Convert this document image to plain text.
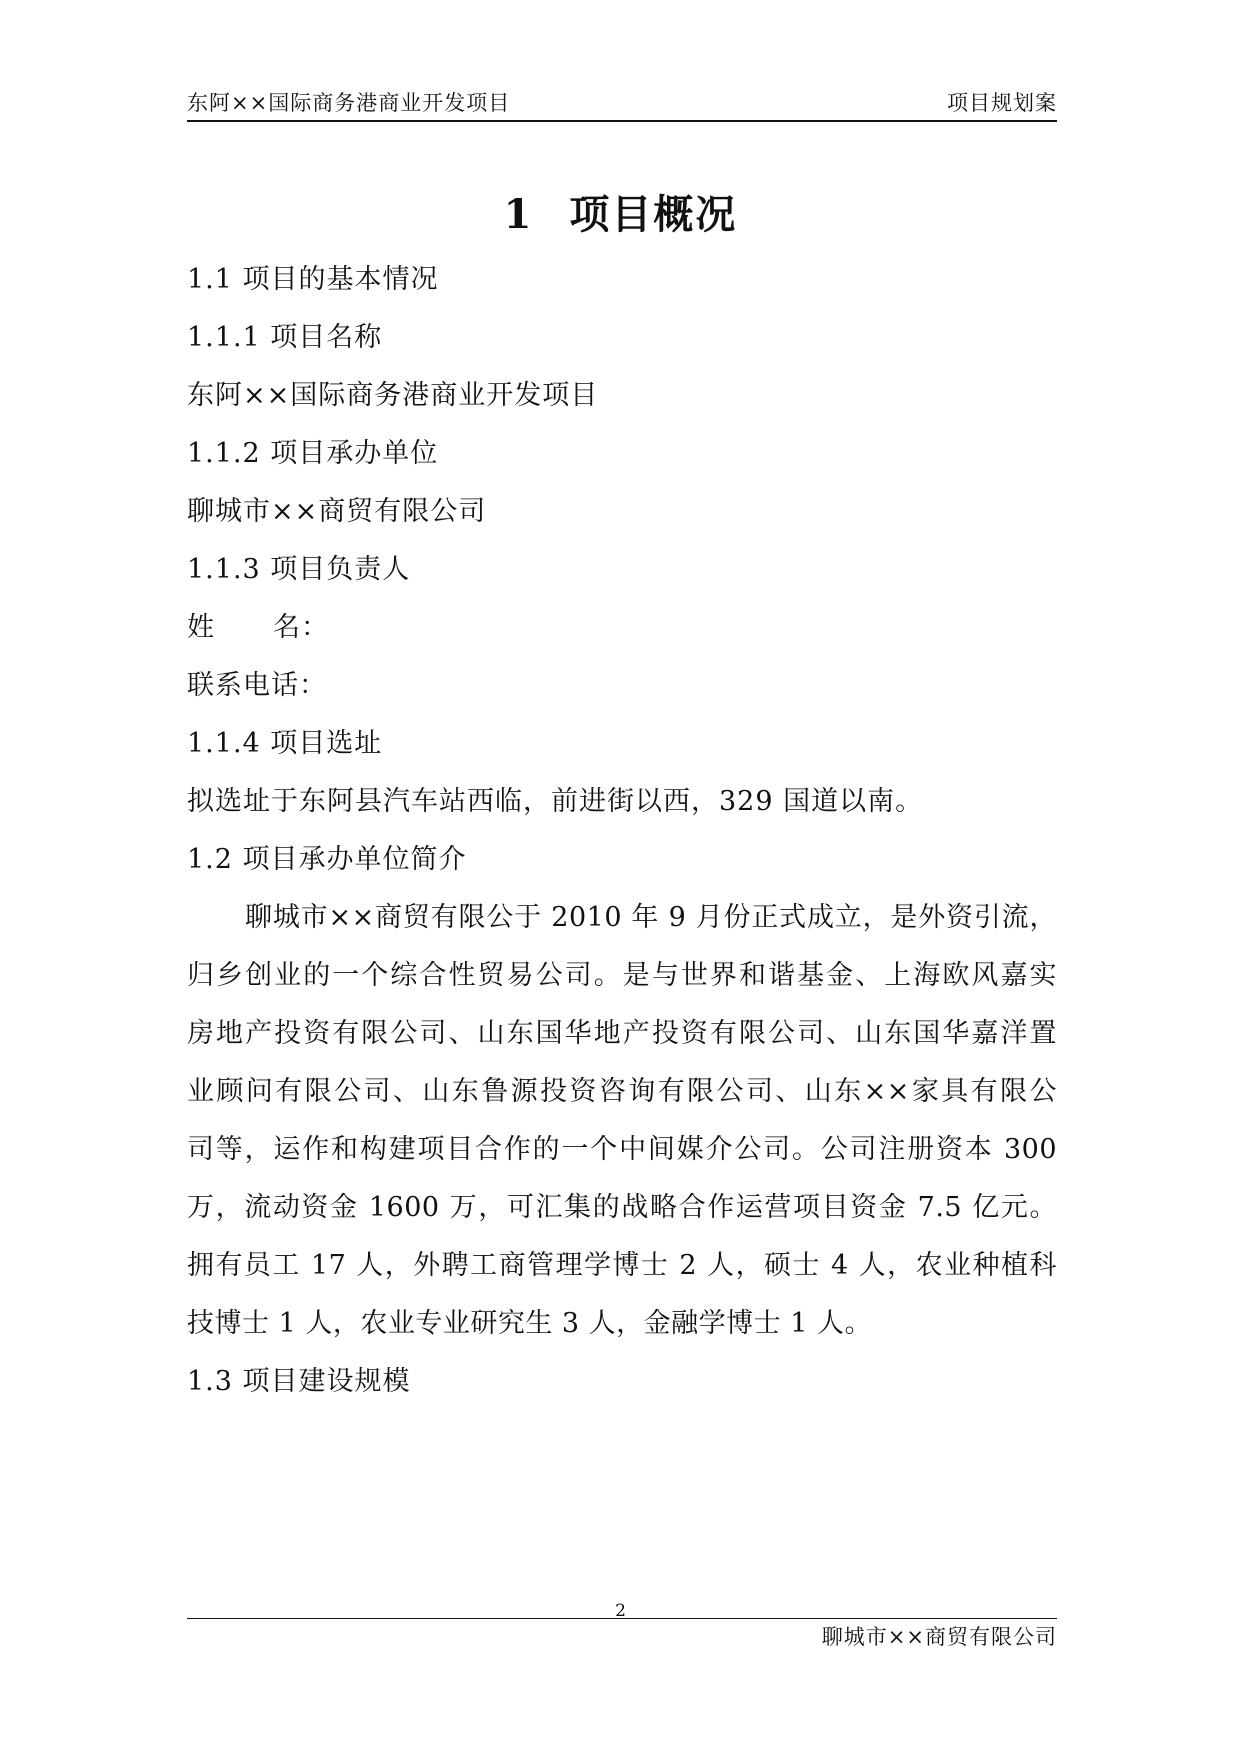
东阿××国际商务港商业开发项目	项目规划案
1 项目概况
1.1 项目的基本情况
1.1.1 项目名称
东阿××国际商务港商业开发项目
1.1.2 项目承办单位
聊城市××商贸有限公司
1.1.3 项目负责人
姓 名：
联系电话：
1.1.4 项目选址
拟选址于东阿县汽车站西临，前进街以西，329 国道以南。
1.2 项目承办单位简介
聊城市××商贸有限公于 2010 年 9 月份正式成立，是外资引流，
归乡创业的一个综合性贸易公司。是与世界和谐基金、上海欧风嘉实
房地产投资有限公司、山东国华地产投资有限公司、山东国华嘉洋置
业顾问有限公司、山东鲁源投资咨询有限公司、山东××家具有限公
司等，运作和构建项目合作的一个中间媒介公司。公司注册资本 300
万，流动资金 1600 万，可汇集的战略合作运营项目资金 7.5 亿元。
拥有员工 17 人，外聘工商管理学博士 2 人，硕士 4 人，农业种植科
技博士 1 人，农业专业研究生 3 人，金融学博士 1 人。
1.3 项目建设规模
2
聊城市××商贸有限公司
